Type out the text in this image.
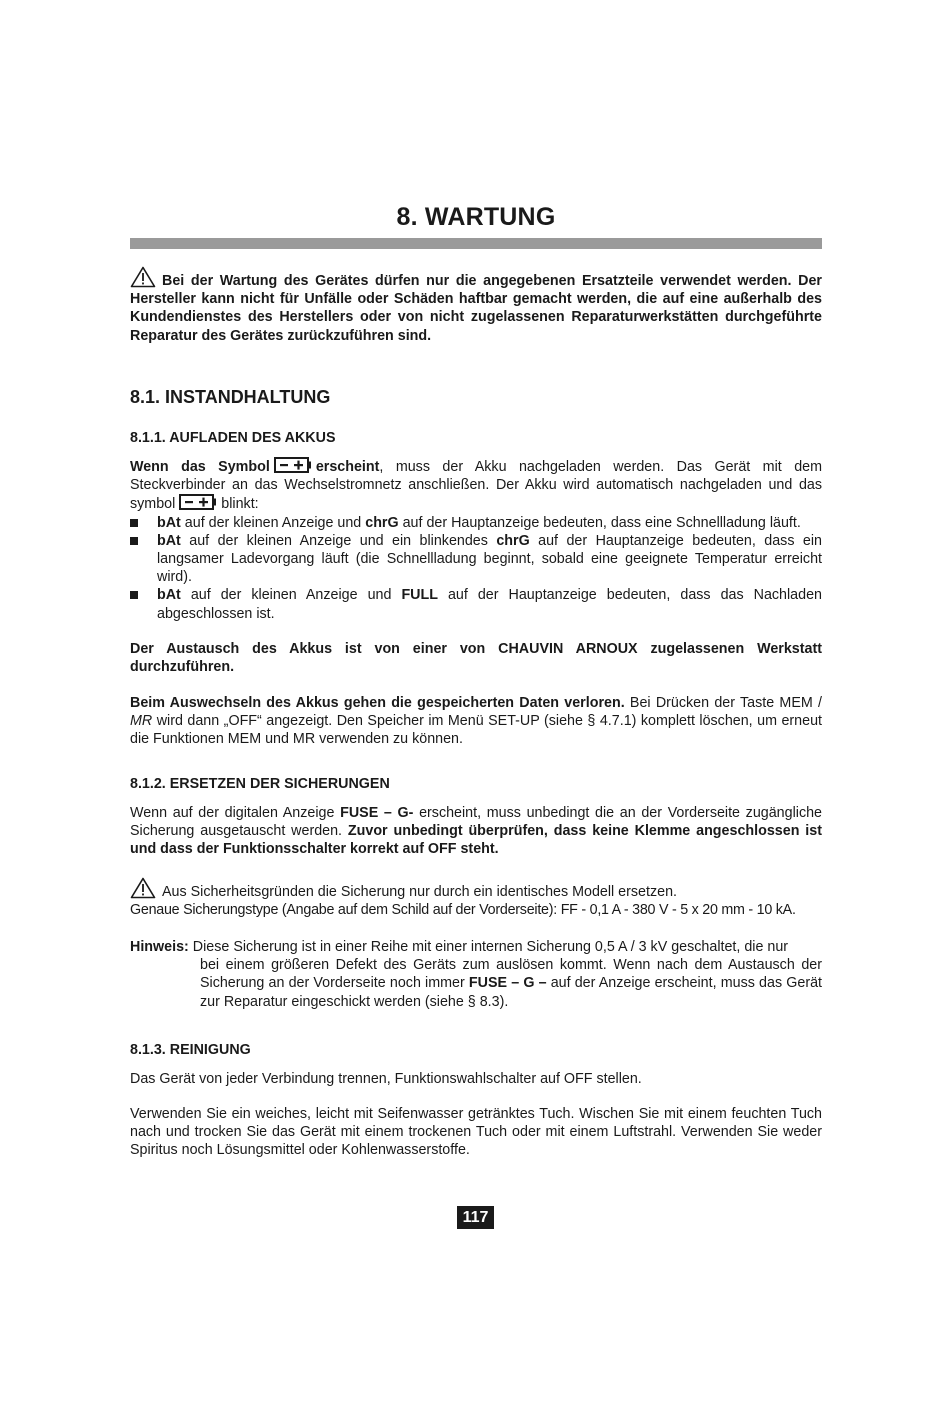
8. WARTUNG
Bei der Wartung des Gerätes dürfen nur die angegebenen Ersatzteile verwendet werden. Der Hersteller kann nicht für Unfälle oder Schäden haftbar gemacht werden, die auf eine außerhalb des Kundendienstes des Herstellers oder von nicht zugelassenen Reparaturwerkstätten durchgeführte Reparatur des Gerätes zurückzuführen sind.
8.1. INSTANDHALTUNG
8.1.1. AUFLADEN DES AKKUS
Wenn das Symbol	erscheint, muss der Akku nachgeladen werden. Das Gerät mit dem Steckverbinder an das Wechselstromnetz anschließen. Der Akku wird automatisch nachgeladen und das symbol	blinkt:
bAt auf der kleinen Anzeige und chrG auf der Hauptanzeige bedeuten, dass eine Schnellladung läuft.
bAt auf der kleinen Anzeige und ein blinkendes chrG auf der Hauptanzeige bedeuten, dass ein langsamer Ladevorgang läuft (die Schnellladung beginnt, sobald eine geeignete Temperatur erreicht wird).
bAt auf der kleinen Anzeige und FULL auf der Hauptanzeige bedeuten, dass das Nachladen abgeschlossen ist.
Der Austausch des Akkus ist von einer von CHAUVIN ARNOUX zugelassenen Werkstatt durchzuführen.
Beim Auswechseln des Akkus gehen die gespeicherten Daten verloren. Bei Drücken der Taste MEM / MR wird dann „OFF“ angezeigt. Den Speicher im Menü SET-UP (siehe § 4.7.1) komplett löschen, um erneut die Funktionen MEM und MR verwenden zu können.
8.1.2. ERSETZEN DER SICHERUNGEN
Wenn auf der digitalen Anzeige FUSE – G- erscheint, muss unbedingt die an der Vorderseite zugängliche Sicherung ausgetauscht werden. Zuvor unbedingt überprüfen, dass keine Klemme angeschlossen ist und dass der Funktionsschalter korrekt auf OFF steht.
Aus Sicherheitsgründen die Sicherung nur durch ein identisches Modell ersetzen.
Genaue Sicherungstype (Angabe auf dem Schild auf der Vorderseite): FF - 0,1 A - 380 V - 5 x 20 mm - 10 kA.
Hinweis: Diese Sicherung ist in einer Reihe mit einer internen Sicherung 0,5 A / 3 kV geschaltet, die nur
bei einem größeren Defekt des Geräts zum auslösen kommt. Wenn nach dem Austausch der Sicherung an der Vorderseite noch immer FUSE – G – auf der Anzeige erscheint, muss das Gerät zur Reparatur eingeschickt werden (siehe § 8.3).
8.1.3. REINIGUNG
Das Gerät von jeder Verbindung trennen, Funktionswahlschalter auf OFF stellen.
Verwenden Sie ein weiches, leicht mit Seifenwasser getränktes Tuch. Wischen Sie mit einem feuchten Tuch nach und trocken Sie das Gerät mit einem trockenen Tuch oder mit einem Luftstrahl. Verwenden Sie weder Spiritus noch Lösungsmittel oder Kohlenwasserstoffe.
117
